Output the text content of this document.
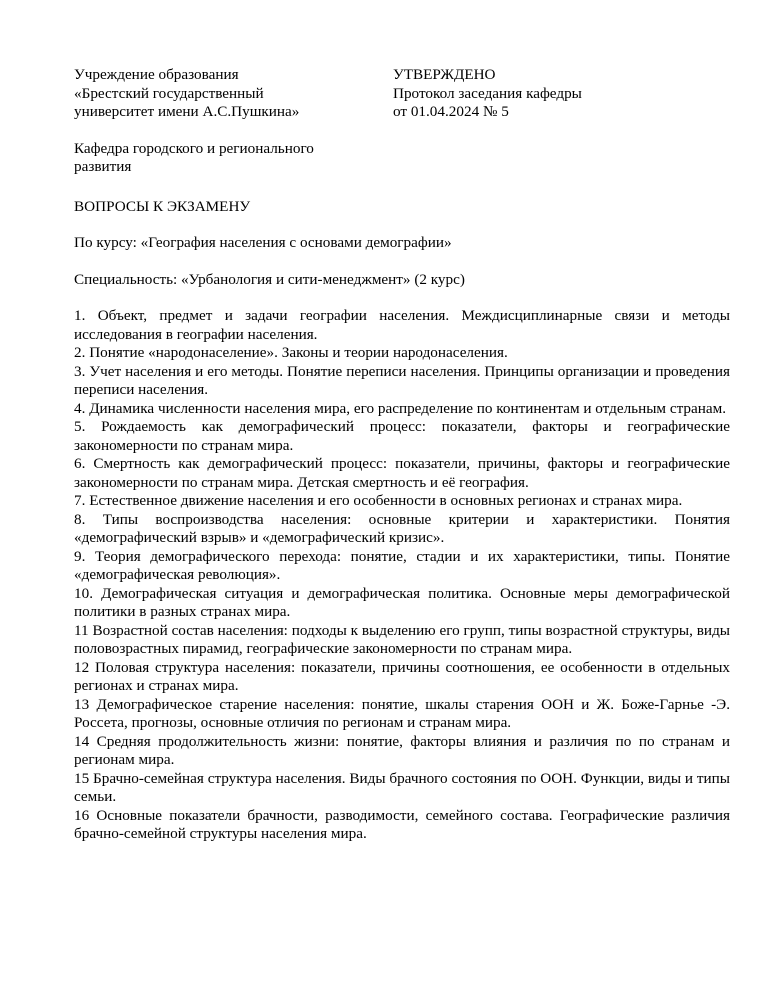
Учреждение образования
«Брестский государственный
университет имени А.С.Пушкина»
УТВЕРЖДЕНО
Протокол заседания кафедры
от 01.04.2024 № 5
Кафедра городского и регионального
развития
ВОПРОСЫ К ЭКЗАМЕНУ
По курсу: «География населения с основами демографии»
Специальность: «Урбанология и сити-менеджмент» (2 курс)

1. Объект, предмет и задачи географии населения. Междисциплинарные связи и методы исследования в географии населения.

2. Понятие «народонаселение». Законы и теории народонаселения.

3. Учет населения и его методы. Понятие переписи населения. Принципы организации и проведения переписи населения.

4. Динамика численности населения мира, его распределение по континентам и отдельным странам.

5. Рождаемость как демографический процесс: показатели, факторы и географические закономерности по странам мира.

6. Смертность как демографический процесс: показатели, причины, факторы и географические закономерности по странам мира. Детская смертность и её география.

7. Естественное движение населения и его особенности в основных регионах и странах мира.

8. Типы воспроизводства населения: основные критерии и характеристики. Понятия «демографический взрыв» и «демографический кризис».

9. Теория демографического перехода: понятие, стадии и их характеристики, типы. Понятие «демографическая революция».

10. Демографическая ситуация и демографическая политика. Основные меры демографической политики в разных странах мира.

11 Возрастной состав населения: подходы к выделению его групп, типы возрастной структуры, виды половозрастных пирамид, географические закономерности по странам мира.

12 Половая структура населения: показатели, причины соотношения, ее особенности в отдельных регионах и странах мира.

13 Демографическое старение населения: понятие, шкалы старения ООН и Ж. Боже-Гарнье -Э. Россета, прогнозы, основные отличия по регионам и странам мира.

14 Средняя продолжительность жизни: понятие, факторы влияния и различия по по странам и регионам мира.

15 Брачно-семейная структура населения. Виды брачного состояния по ООН. Функции, виды и типы семьи.

16 Основные показатели брачности, разводимости, семейного состава. Географические различия брачно-семейной структуры населения мира.
